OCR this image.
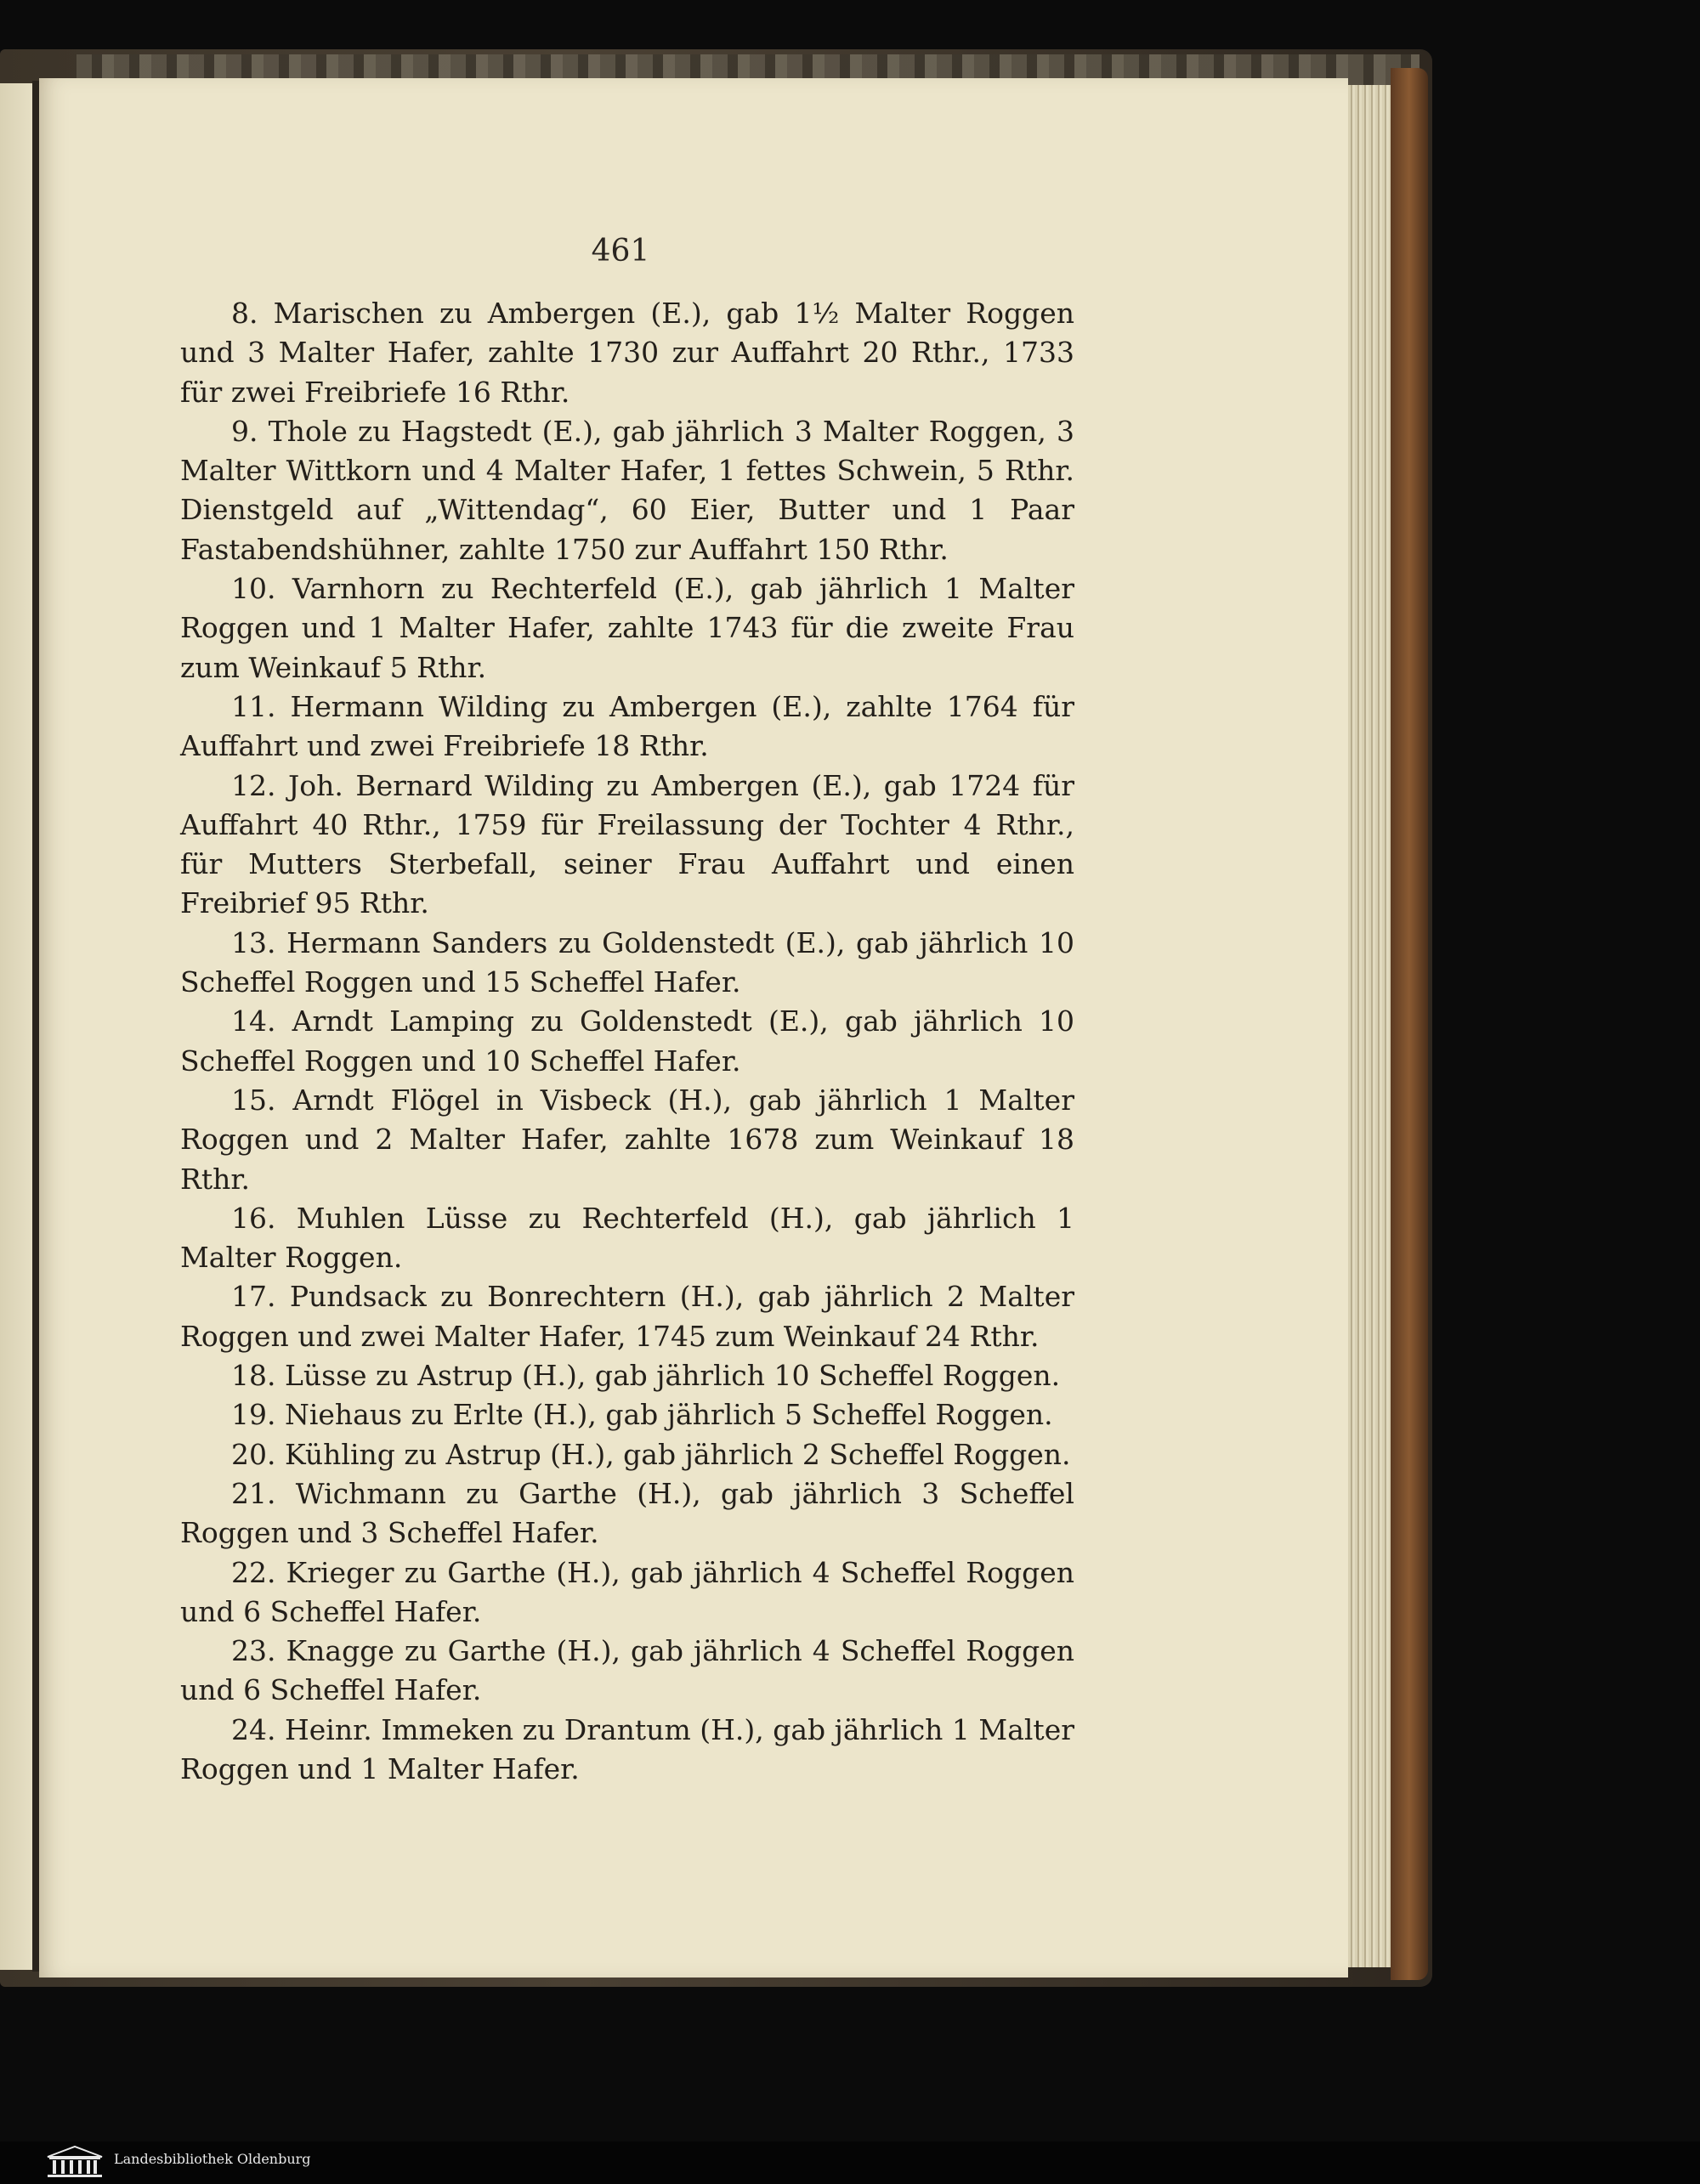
461

8. Marischen zu Ambergen (E.), gab 1½ Malter Roggen und 3 Malter Hafer, zahlte 1730 zur Auffahrt 20 Rthr., 1733 für zwei Freibriefe 16 Rthr.

9. Thole zu Hagstedt (E.), gab jährlich 3 Malter Roggen, 3 Malter Wittkorn und 4 Malter Hafer, 1 fettes Schwein, 5 Rthr. Dienstgeld auf „Wittendag“, 60 Eier, Butter und 1 Paar Fastabendshühner, zahlte 1750 zur Auffahrt 150 Rthr.

10. Varnhorn zu Rechterfeld (E.), gab jährlich 1 Malter Roggen und 1 Malter Hafer, zahlte 1743 für die zweite Frau zum Weinkauf 5 Rthr.

11. Hermann Wilding zu Ambergen (E.), zahlte 1764 für Auffahrt und zwei Freibriefe 18 Rthr.

12. Joh. Bernard Wilding zu Ambergen (E.), gab 1724 für Auffahrt 40 Rthr., 1759 für Freilassung der Tochter 4 Rthr., für Mutters Sterbefall, seiner Frau Auffahrt und einen Freibrief 95 Rthr.

13. Hermann Sanders zu Goldenstedt (E.), gab jährlich 10 Scheffel Roggen und 15 Scheffel Hafer.

14. Arndt Lamping zu Goldenstedt (E.), gab jährlich 10 Scheffel Roggen und 10 Scheffel Hafer.

15. Arndt Flögel in Visbeck (H.), gab jährlich 1 Malter Roggen und 2 Malter Hafer, zahlte 1678 zum Weinkauf 18 Rthr.

16. Muhlen Lüsse zu Rechterfeld (H.), gab jährlich 1 Malter Roggen.

17. Pundsack zu Bonrechtern (H.), gab jährlich 2 Malter Roggen und zwei Malter Hafer, 1745 zum Weinkauf 24 Rthr.

18. Lüsse zu Astrup (H.), gab jährlich 10 Scheffel Roggen.

19. Niehaus zu Erlte (H.), gab jährlich 5 Scheffel Roggen.

20. Kühling zu Astrup (H.), gab jährlich 2 Scheffel Roggen.

21. Wichmann zu Garthe (H.), gab jährlich 3 Scheffel Roggen und 3 Scheffel Hafer.

22. Krieger zu Garthe (H.), gab jährlich 4 Scheffel Roggen und 6 Scheffel Hafer.

23. Knagge zu Garthe (H.), gab jährlich 4 Scheffel Roggen und 6 Scheffel Hafer.

24. Heinr. Immeken zu Drantum (H.), gab jährlich 1 Malter Roggen und 1 Malter Hafer.

Landesbibliothek Oldenburg
